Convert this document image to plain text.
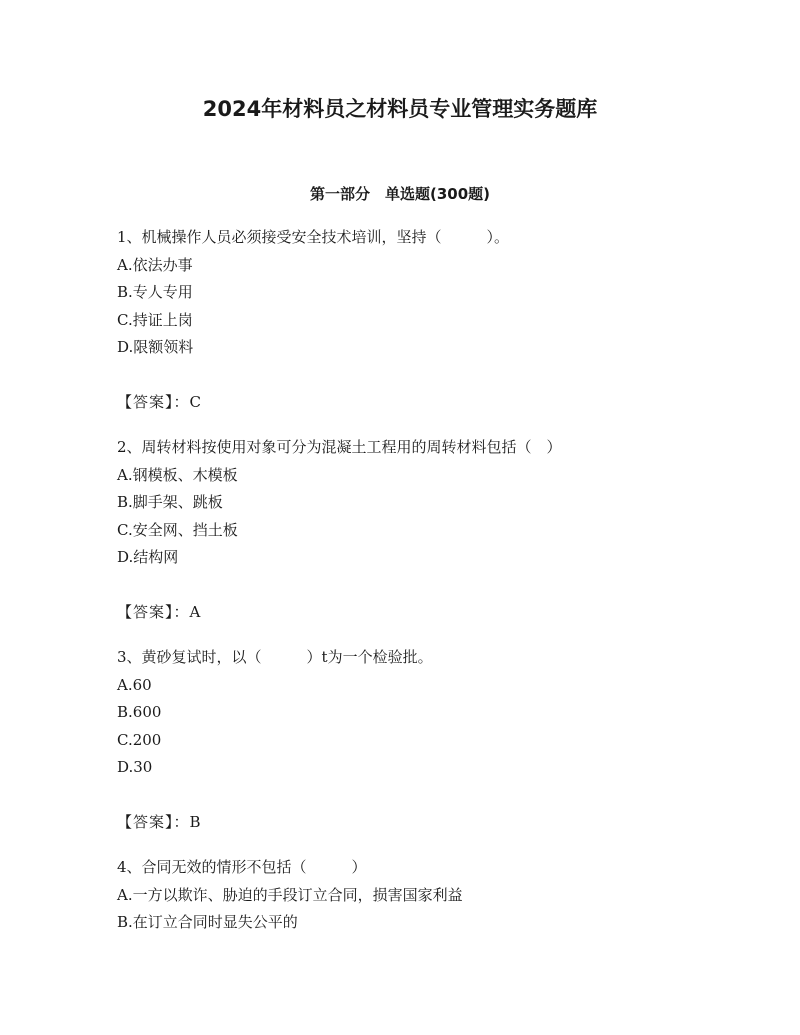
2024年材料员之材料员专业管理实务题库
第一部分　单选题(300题)
1、机械操作人员必须接受安全技术培训，坚持（　　　）。
A.依法办事
B.专人专用
C.持证上岗
D.限额领料
【答案】：C
2、周转材料按使用对象可分为混凝土工程用的周转材料包括（　）
A.钢模板、木模板
B.脚手架、跳板
C.安全网、挡土板
D.结构网
【答案】：A
3、黄砂复试时，以（　　　）t为一个检验批。
A.60
B.600
C.200
D.30
【答案】：B
4、合同无效的情形不包括（　　　）
A.一方以欺诈、胁迫的手段订立合同，损害国家利益
B.在订立合同时显失公平的
